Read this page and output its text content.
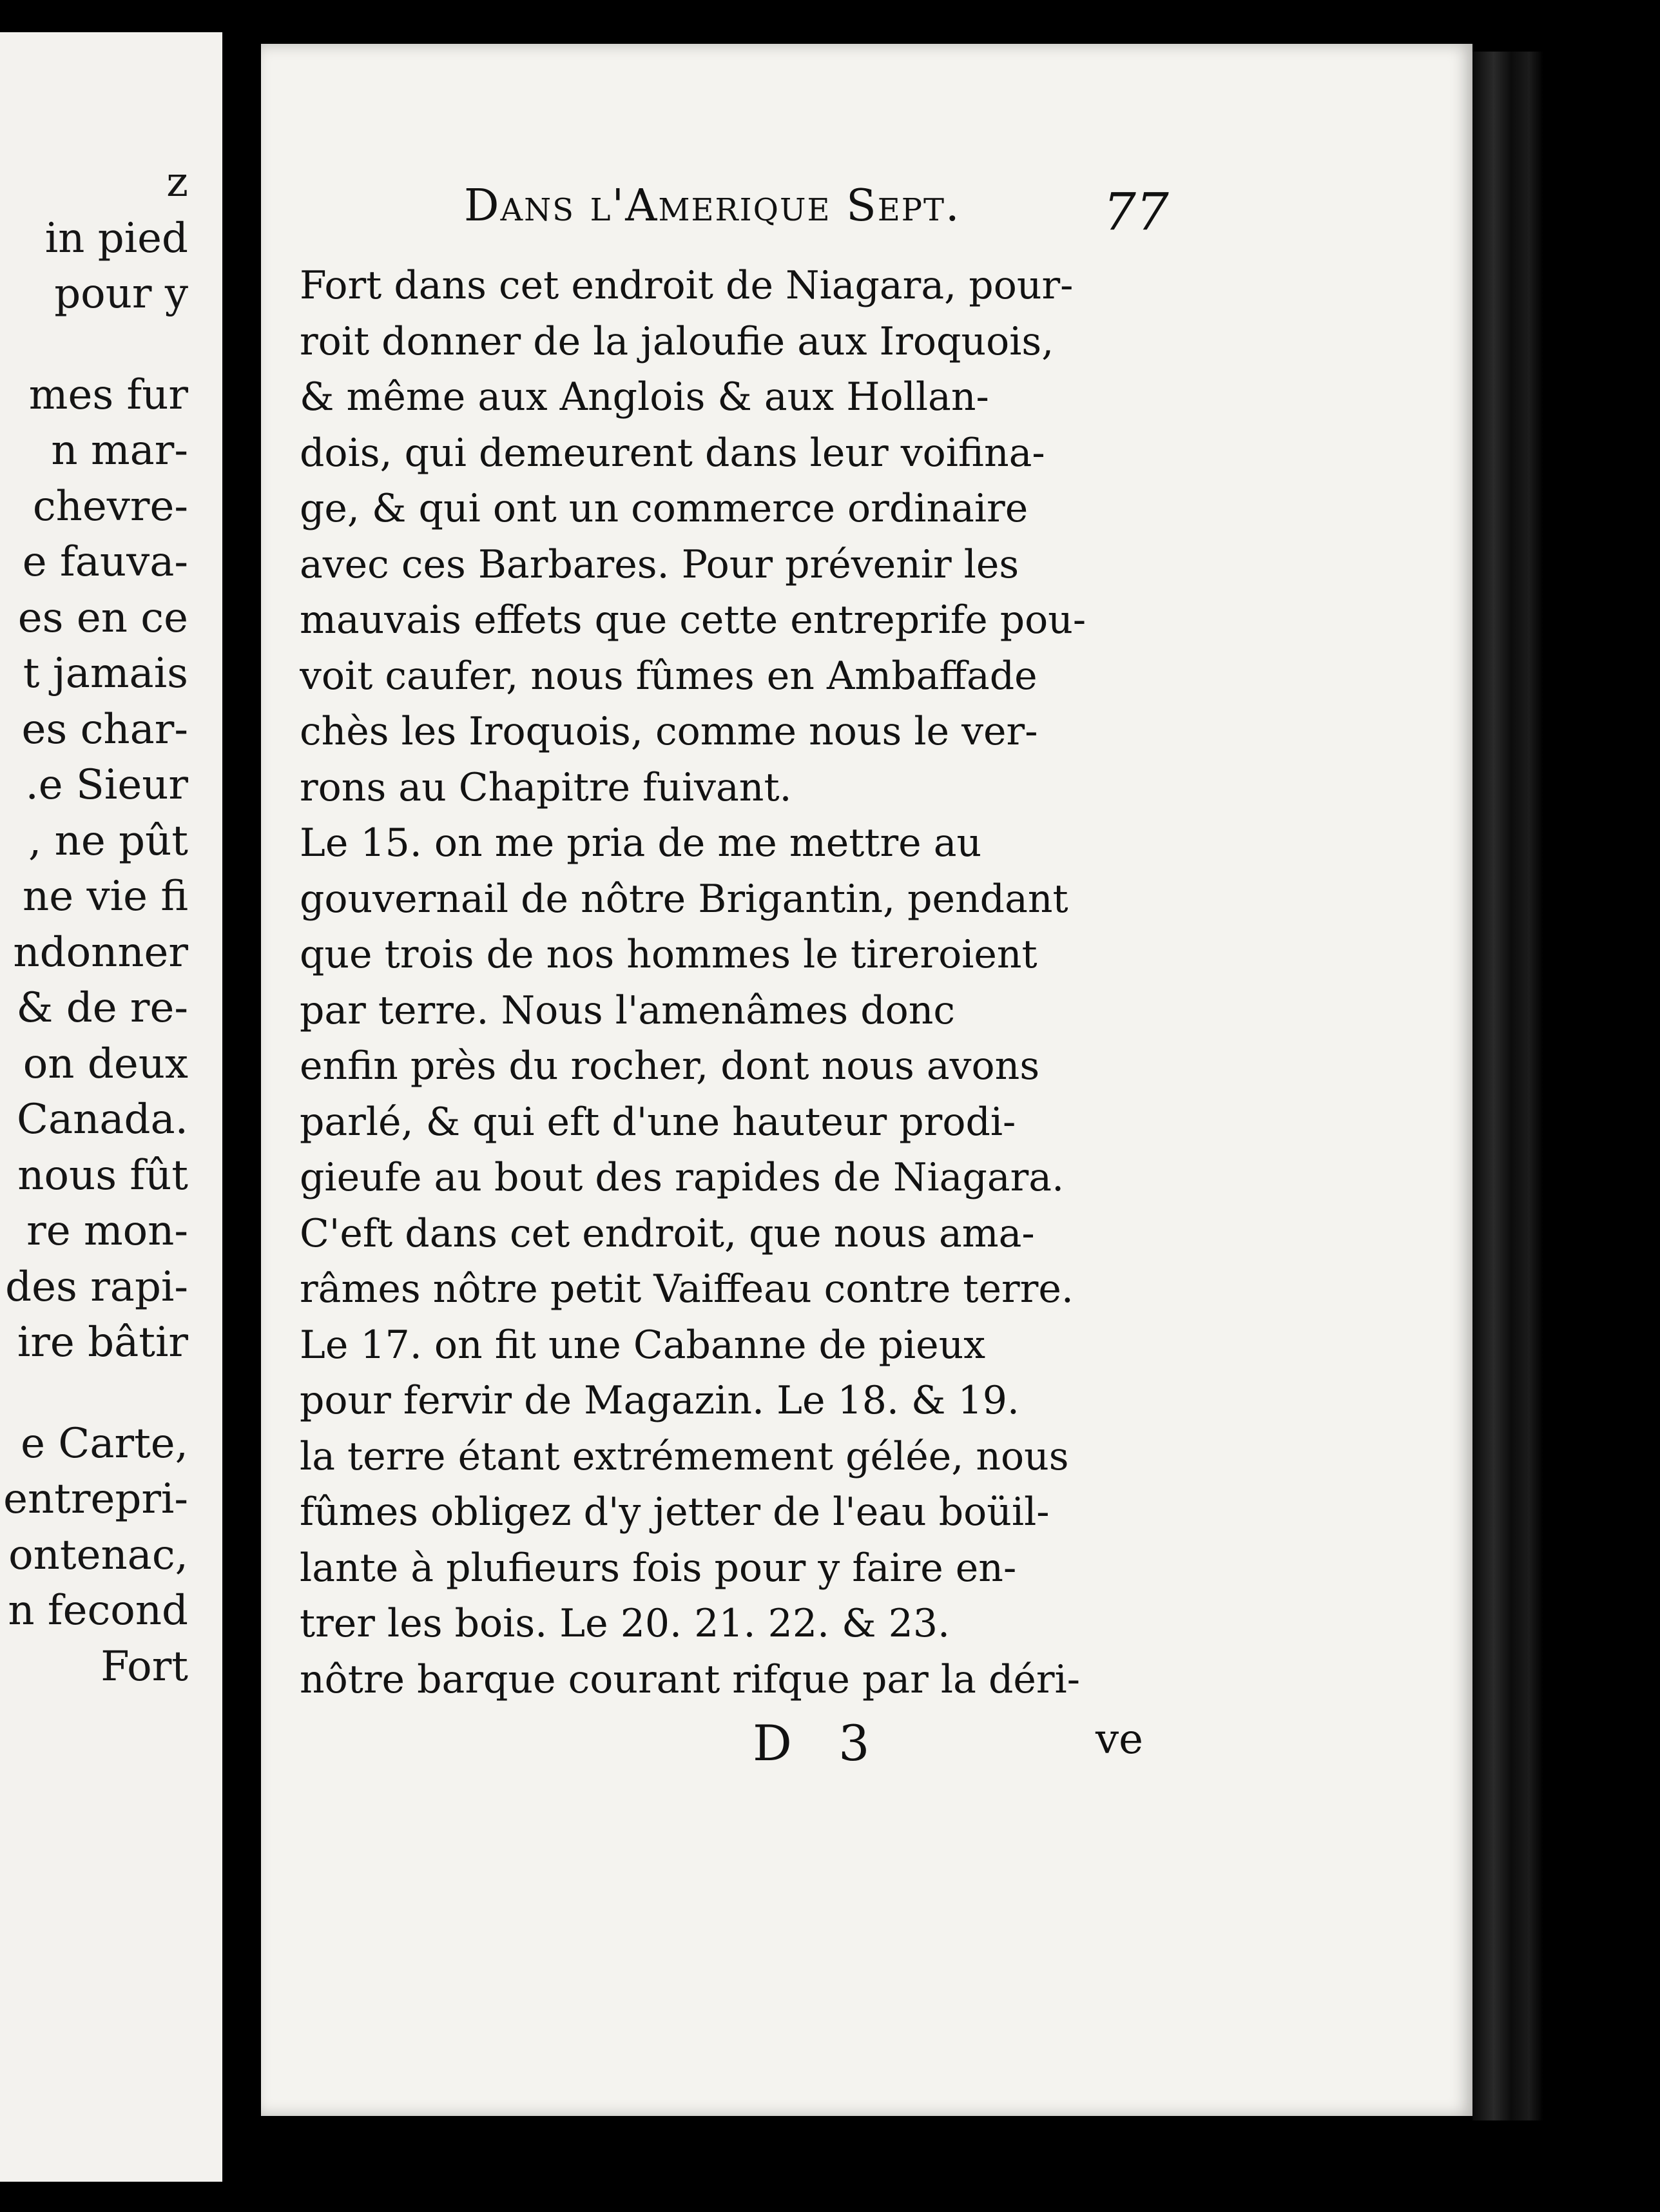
z
in pied
pour y
mes fur
n mar-
chevre-
e fauva-
es en ce
t jamais
es char-
.e Sieur
, ne pût
ne vie fi
ndonner
& de re-
on deux
Canada.
nous fût
re mon-
des rapi-
ire bâtir
e Carte,
entrepri-
ontenac,
n fecond
Fort
Dans l'Amerique Sept.	77
Fort dans cet endroit de Niagara, pour-
roit donner de la jaloufie aux Iroquois,
& même aux Anglois & aux Hollan-
dois, qui demeurent dans leur voifina-
ge, & qui ont un commerce ordinaire
avec ces Barbares. Pour prévenir les
mauvais effets que cette entreprife pou-
voit caufer, nous fûmes en Ambaffade
chès les Iroquois, comme nous le ver-
rons au Chapitre fuivant.
Le 15. on me pria de me mettre au
gouvernail de nôtre Brigantin, pendant
que trois de nos hommes le tireroient
par terre. Nous l'amenâmes donc
enfin près du rocher, dont nous avons
parlé, & qui eft d'une hauteur prodi-
gieufe au bout des rapides de Niagara.
C'eft dans cet endroit, que nous ama-
râmes nôtre petit Vaiffeau contre terre.
Le 17. on fit une Cabanne de pieux
pour fervir de Magazin. Le 18. & 19.
la terre étant extrémement gélée, nous
fûmes obligez d'y jetter de l'eau boüil-
lante à plufieurs fois pour y faire en-
trer les bois. Le 20. 21. 22. & 23.
nôtre barque courant rifque par la déri-
D 3	ve
